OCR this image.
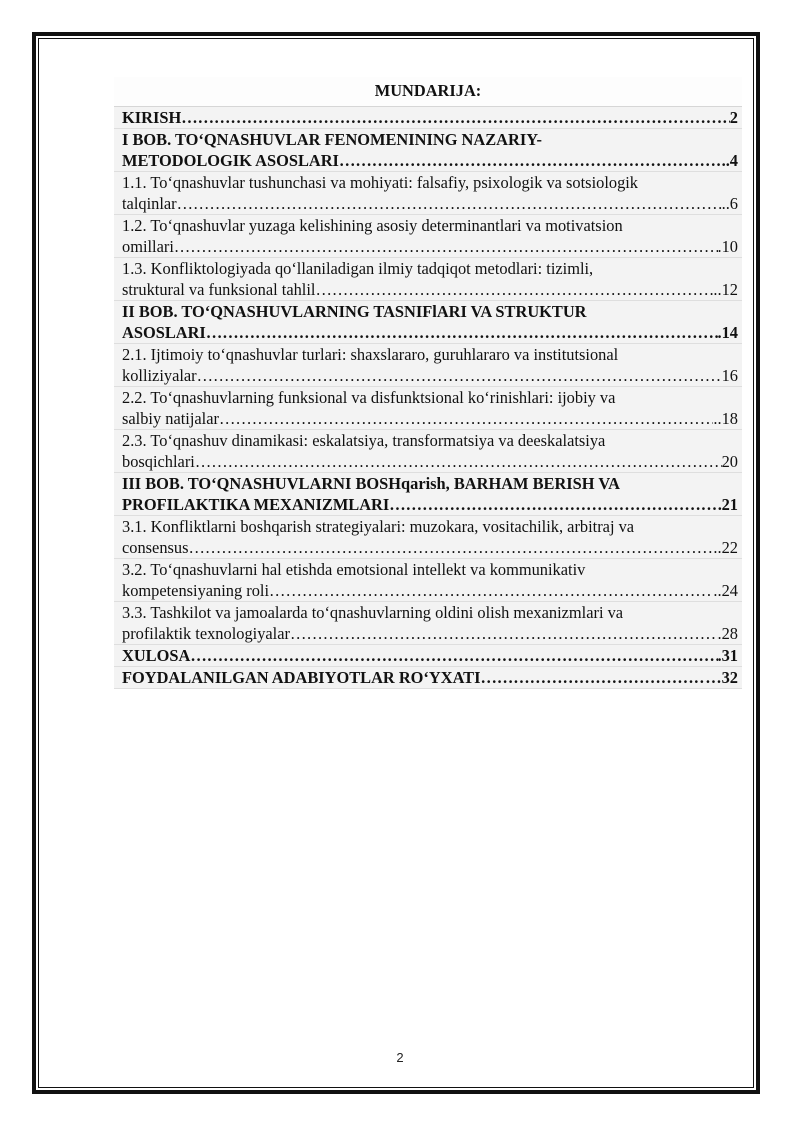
MUNDARIJA:
KIRISH …………………………………………………………………………………………………………………………………………………………………………………………………………	2
I BOB. TO‘QNASHUVLAR FENOMENINING NAZARIY-
METODOLOGIK ASOSLARI …………………………………………………………………………………………………………………………………………………………………………………………………………	..4
1.1. To‘qnashuvlar tushunchasi va mohiyati: falsafiy, psixologik va sotsiologik
talqinlar …………………………………………………………………………………………………………………………………………………………………………………………………………	..6
1.2. To‘qnashuvlar yuzaga kelishining asosiy determinantlari va motivatsion
omillari …………………………………………………………………………………………………………………………………………………………………………………………………………	.10
1.3. Konfliktologiyada qo‘llaniladigan ilmiy tadqiqot metodlari: tizimli,
struktural va funksional tahlil …………………………………………………………………………………………………………………………………………………………………………………………………………	..12
II BOB. TO‘QNASHUVLARNING TASNIFlARI VA STRUKTUR
ASOSLARI …………………………………………………………………………………………………………………………………………………………………………………………………………	.14
2.1. Ijtimoiy to‘qnashuvlar turlari: shaxslararo, guruhlararo va institutsional
kolliziyalar …………………………………………………………………………………………………………………………………………………………………………………………………………	16
2.2. To‘qnashuvlarning funksional va disfunktsional ko‘rinishlari: ijobiy va
salbiy natijalar …………………………………………………………………………………………………………………………………………………………………………………………………………	..18
2.3. To‘qnashuv dinamikasi: eskalatsiya, transformatsiya va deeskalatsiya
bosqichlari …………………………………………………………………………………………………………………………………………………………………………………………………………	20
III BOB. TO‘QNASHUVLARNI BOSHqarish, BARHAM BERISH VA
PROFILAKTIKA MEXANIZMLARI …………………………………………………………………………………………………………………………………………………………………………………………………………	21
3.1. Konfliktlarni boshqarish strategiyalari: muzokara, vositachilik, arbitraj va
consensus …………………………………………………………………………………………………………………………………………………………………………………………………………	..22
3.2. To‘qnashuvlarni hal etishda emotsional intellekt va kommunikativ
kompetensiyaning roli …………………………………………………………………………………………………………………………………………………………………………………………………………	..24
3.3. Tashkilot va jamoalarda to‘qnashuvlarning oldini olish mexanizmlari va
profilaktik texnologiyalar …………………………………………………………………………………………………………………………………………………………………………………………………………	.28
XULOSA …………………………………………………………………………………………………………………………………………………………………………………………………………	.31
FOYDALANILGAN ADABIYOTLAR RO‘YXATI …………………………………………………………………………………………………………………………………………………………………………………………………………	…32
2
